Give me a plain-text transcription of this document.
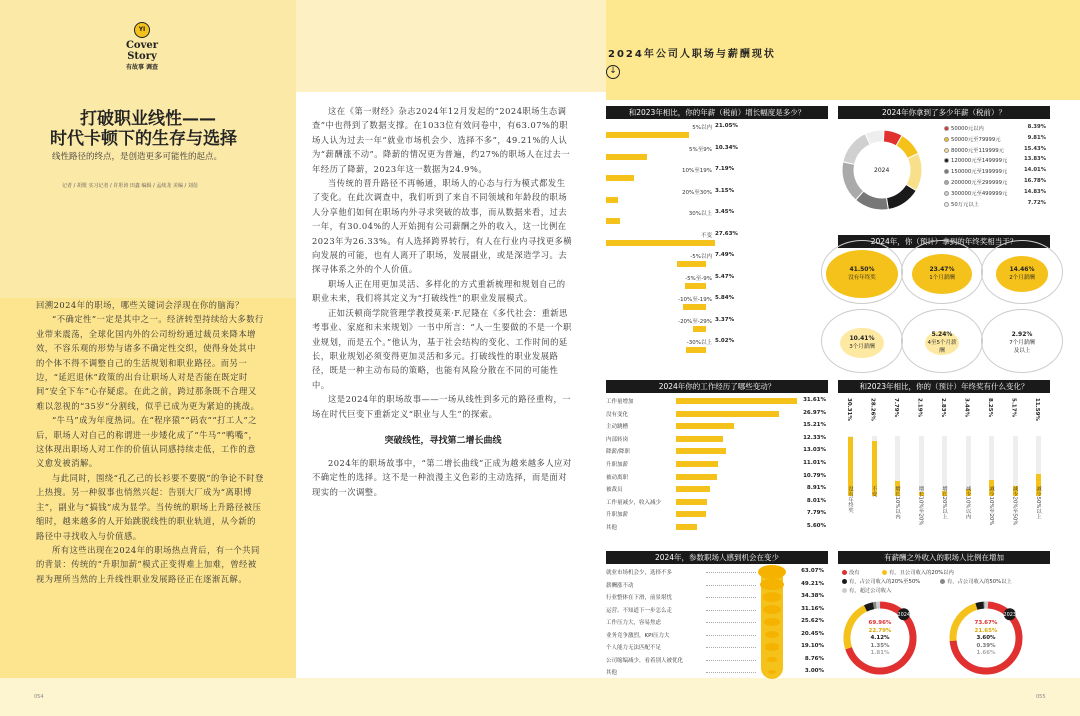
YI
Cover Story
有故事 调查
打破职业线性——
时代卡顿下的生存与选择
线性路径的终点，是创造更多可能性的起点。
记者 / 胡歌 实习记者 / 许彤涛 田鑫 编辑 / 孟续龙 美编 / 刘蓓

回溯2024年的职场，哪些关键词会浮现在你的脑海？

“不确定性”一定是其中之一。经济转型持续给大多数行业带来震荡，全球化国内外的公司纷纷通过裁员来降本增效，不容乐观的形势与诸多不确定性交织，使得身处其中的个体不得不调整自己的生活规划和职业路径。而另一边，“延迟退休”政策的出台让职场人对是否能在既定时间“安全下车”心存疑虑。在此之前，跨过那条既不合理又难以忽视的“35岁”分割线，似乎已成为更为紧迫的挑战。

“牛马”成为年度热词。在“程序猿”“码农”“打工人”之后，职场人对自己的称谓进一步矮化成了“牛马”“鸭嘴”，这体现出职场人对工作的价值认同感持续走低，工作的意义愈发被消解。

与此同时，围绕“孔乙己的长衫要不要脱”的争论不时登上热搜。另一种叙事也悄然兴起：告别大厂成为“离职博主”，副业与“搞钱”成为显学。当传统的职场上升路径被压缩时，越来越多的人开始跳脱线性的职业轨道，从今新的路径中寻找收入与价值感。

所有这些出现在2024年的职场热点背后，有一个共同的背景：传统的“升职加薪”模式正变得难上加难，曾经被视为理所当然的上升线性职业发展路径正在逐渐瓦解。

这在《第一财经》杂志2024年12月发起的“2024职场生态调查”中也得到了数据支撑。在1033位有效问卷中，有63.07%的职场人认为过去一年“就业市场机会少、选择不多”，49.21%的人认为“薪酬涨不动”。降薪的情况更为普遍，约27%的职场人在过去一年经历了降薪，2023年这一数据为24.9%。

当传统的晋升路径不再畅通，职场人的心态与行为模式都发生了变化。在此次调查中，我们听到了来自不同领域和年龄段的职场人分享他们如何在职场内外寻求突破的故事，而从数据来看，过去一年，有30.04%的人开始拥有公司薪酬之外的收入，这一比例在2023年为26.33%。有人选择跨界转行，有人在行业内寻找更多横向发展的可能，也有人离开了职场，发展副业，或是深造学习。去探寻体系之外的个人价值。

职场人正在用更加灵活、多样化的方式重新梳理和规划自己的职业未来，我们将其定义为“打破线性”的职业发展模式。

正如沃顿商学院管理学教授莫莱·F.尼隆在《多代社会：重新思考事业、家庭和未来规划》一书中所言：“人一生要做的不是一个职业规划，而是五个。”他认为，基于社会结构的变化、工作时间的延长，职业规划必须变得更加灵活和多元。打破线性的职业发展路径，既是一种主动布局的策略，也能有风险分散在不同的可能性中。

这是2024年的职场故事——一场从线性到多元的路径重构，一场在时代巨变下重新定义“职业与人生”的探索。

突破线性，寻找第二增长曲线

2024年的职场故事中，“第二增长曲线”正成为越来越多人应对不确定性的选择。这不是一种浪漫主义色彩的主动选择，而是面对现实的一次调整。

054	055
2024年公司人职场与薪酬现状
↓
和2023年相比，你的年薪（税前）增长幅度是多少？
5%以内 21.05%
5%至9% 10.34%
10%至19% 7.19%
20%至30% 3.15%
30%以上 3.45%
不变 27.63%
-5%以内 7.49%
-5%至-9% 5.47%
-10%至-19% 5.84%
-20%至-29% 3.37%
-30%以上 5.02%
2024年你拿到了多少年薪（税前）？
2024
50000元以内	8.39%
50000元至79999元	9.81%
80000元至119999元	15.43%
120000元至149999元	13.83%
150000元至199999元	14.01%
200000元至299999元	16.78%
300000元至499999元	14.83%
50万元以上	7.72%
2024年，你（预计）拿到的年终奖相当于？
41.50%
没有年终奖
23.47%
1个月薪酬
14.46%
2个月薪酬
10.41%
3个月薪酬
5.24%
4至5个月薪酬
2.92%
7个月薪酬及以上
2024年你的工作经历了哪些变动？
工作量增加	31.61%
没有变化	26.97%
主动跳槽	15.21%
内部转岗	12.33%
降薪/降职	13.03%
升职加薪	11.01%
被动离职	10.79%
被裁员	8.91%
工作量减少，收入减少	8.01%
升职加薪	7.79%
其他	5.60%
和2023年相比，你的（预计）年终奖有什么变化？
30.31%
没有年终奖
28.26%
不变
7.79%
增长10%以内
2.19%
增长10%至20%
2.83%
增长20%以上
3.44%
减少10%以内
8.25%
减少10%至20%
5.17%
减少20%至50%
11.59%
减少50%以上
2024年，参数职场人感到机会在变少
就业市场机会少，选择不多	63.07%
薪酬涨不动	49.21%
行业整体在下滑，前景堪忧	34.38%
运营、不知道下一步怎么走	31.16%
工作压力大，容易焦虑	25.62%
业务竞争激烈，KPI压力大	20.45%
个人能力无法匹配不足	19.10%
公司缩编减少，看着别人被优化	8.76%
其他	3.00%
有薪酬之外收入的职场人比例在增加
没有	有，且公司收入的20%以内
有，占公司收入的20%至50%	有，占公司收入的50%以上
有，超过公司收入
2024	2023
69.96%
22.79%
4.12%
1.35%
1.81%
73.67%
21.65%
3.60%
0.39%
1.66%
